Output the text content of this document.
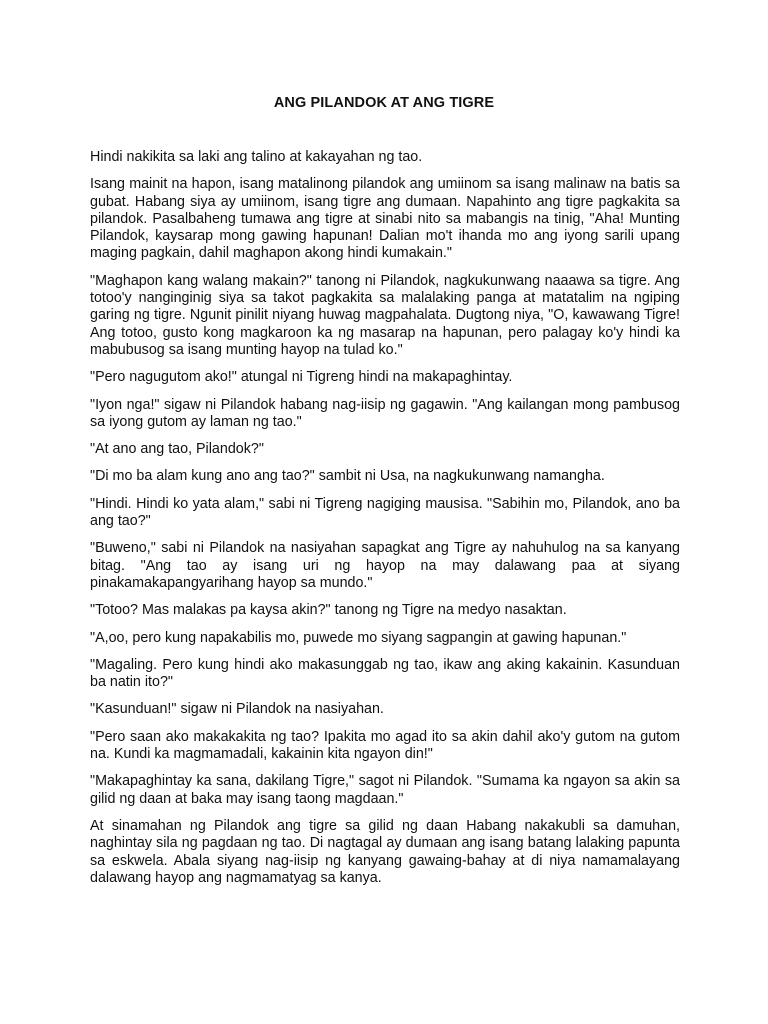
ANG PILANDOK AT ANG TIGRE

Hindi nakikita sa laki ang talino at kakayahan ng tao.

Isang mainit na hapon, isang matalinong pilandok ang umiinom sa isang malinaw na batis sa gubat. Habang siya ay umiinom, isang tigre ang dumaan. Napahinto ang tigre pagkakita sa pilandok. Pasalbaheng tumawa ang tigre at sinabi nito sa mabangis na tinig, "Aha! Munting Pilandok, kaysarap mong gawing hapunan! Dalian mo't ihanda mo ang iyong sarili upang maging pagkain, dahil maghapon akong hindi kumakain."

"Maghapon kang walang makain?" tanong ni Pilandok, nagkukunwang naaawa sa tigre. Ang totoo'y nanginginig siya sa takot pagkakita sa malalaking panga at matatalim na ngiping garing ng tigre. Ngunit pinilit niyang huwag magpahalata. Dugtong niya, "O, kawawang Tigre! Ang totoo, gusto kong magkaroon ka ng masarap na hapunan, pero palagay ko'y hindi ka mabubusog sa isang munting hayop na tulad ko."

"Pero nagugutom ako!" atungal ni Tigreng hindi na makapaghintay.

"Iyon nga!" sigaw ni Pilandok habang nag-iisip ng gagawin. "Ang kailangan mong pambusog sa iyong gutom ay laman ng tao."

"At ano ang tao, Pilandok?"

"Di mo ba alam kung ano ang tao?" sambit ni Usa, na nagkukunwang namangha.

"Hindi. Hindi ko yata alam," sabi ni Tigreng nagiging mausisa. "Sabihin mo, Pilandok, ano ba ang tao?"

"Buweno," sabi ni Pilandok na nasiyahan sapagkat ang Tigre ay nahuhulog na sa kanyang bitag. "Ang tao ay isang uri ng hayop na may dalawang paa at siyang pinakamakapangyarihang hayop sa mundo."

"Totoo? Mas malakas pa kaysa akin?" tanong ng Tigre na medyo nasaktan.

"A,oo, pero kung napakabilis mo, puwede mo siyang sagpangin at gawing hapunan."

"Magaling. Pero kung hindi ako makasunggab ng tao, ikaw ang aking kakainin. Kasunduan ba natin ito?"

"Kasunduan!" sigaw ni Pilandok na nasiyahan.

"Pero saan ako makakakita ng tao? Ipakita mo agad ito sa akin dahil ako'y gutom na gutom na. Kundi ka magmamadali, kakainin kita ngayon din!"

"Makapaghintay ka sana, dakilang Tigre," sagot ni Pilandok. "Sumama ka ngayon sa akin sa gilid ng daan at baka may isang taong magdaan."

At sinamahan ng Pilandok ang tigre sa gilid ng daan Habang nakakubli sa damuhan, naghintay sila ng pagdaan ng tao. Di nagtagal ay dumaan ang isang batang lalaking papunta sa eskwela. Abala siyang nag-iisip ng kanyang gawaing-bahay at di niya namamalayang dalawang hayop ang nagmamatyag sa kanya.
